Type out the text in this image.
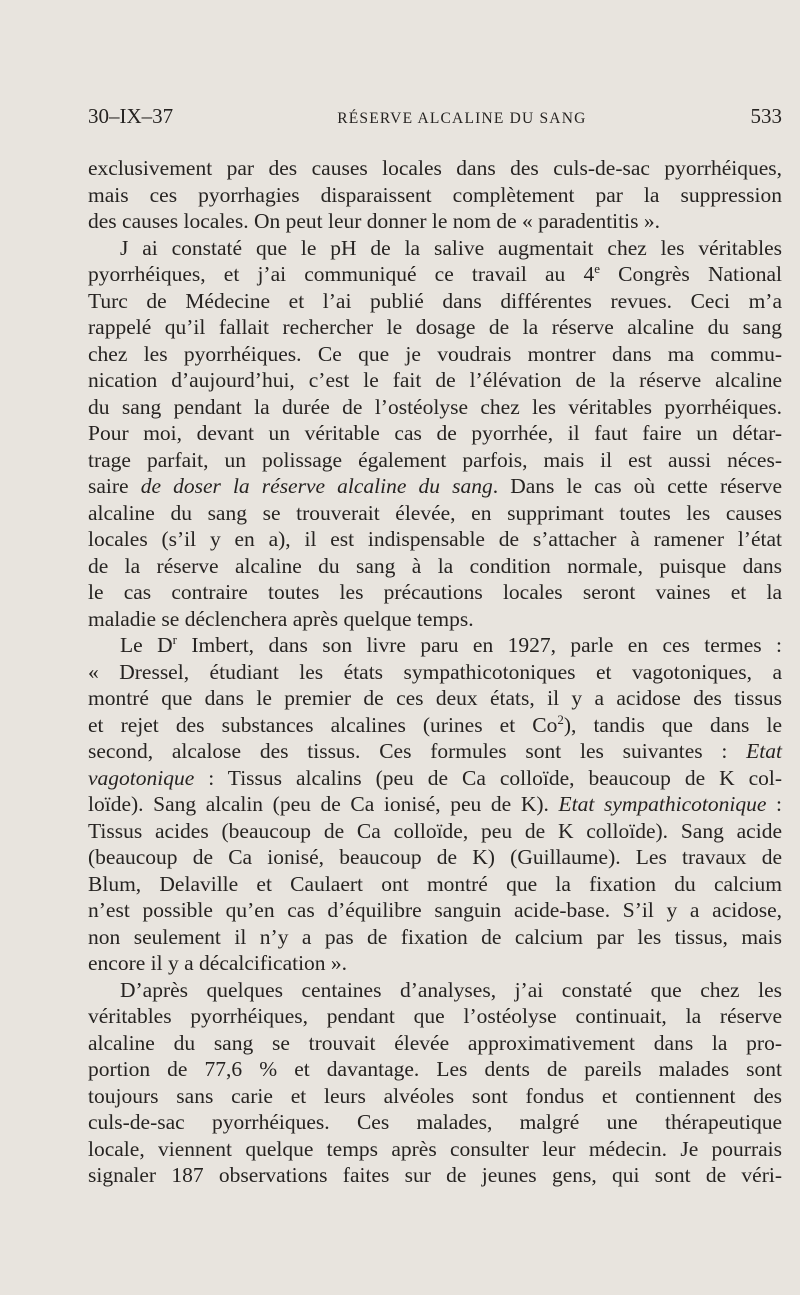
30–IX–37	RÉSERVE ALCALINE DU SANG	533
exclusivement par des causes locales dans des culs-de-sac pyorrhéiques,
mais ces pyorrhagies disparaissent complètement par la suppression
des causes locales. On peut leur donner le nom de « paradentitis ».
J ai constaté que le pH de la salive augmentait chez les véritables
pyorrhéiques, et j’ai communiqué ce travail au 4e Congrès National
Turc de Médecine et l’ai publié dans différentes revues. Ceci m’a
rappelé qu’il fallait rechercher le dosage de la réserve alcaline du sang
chez les pyorrhéiques. Ce que je voudrais montrer dans ma commu-
nication d’aujourd’hui, c’est le fait de l’élévation de la réserve alcaline
du sang pendant la durée de l’ostéolyse chez les véritables pyorrhéiques.
Pour moi, devant un véritable cas de pyorrhée, il faut faire un détar-
trage parfait, un polissage également parfois, mais il est aussi néces-
saire de doser la réserve alcaline du sang. Dans le cas où cette réserve
alcaline du sang se trouverait élevée, en supprimant toutes les causes
locales (s’il y en a), il est indispensable de s’attacher à ramener l’état
de la réserve alcaline du sang à la condition normale, puisque dans
le cas contraire toutes les précautions locales seront vaines et la
maladie se déclenchera après quelque temps.
Le $D^r$ Imbert, dans son livre paru en 1927, parle en ces termes :
« Dressel, étudiant les états sympathicotoniques et vagotoniques, a
montré que dans le premier de ces deux états, il y a acidose des tissus
et rejet des substances alcalines (urines et Co$^2$), tandis que dans le
second, alcalose des tissus. Ces formules sont les suivantes : Etat
vagotonique : Tissus alcalins (peu de Ca colloïde, beaucoup de K col-
loïde). Sang alcalin (peu de Ca ionisé, peu de K). Etat sympathicotonique :
Tissus acides (beaucoup de Ca colloïde, peu de K colloïde). Sang acide
(beaucoup de Ca ionisé, beaucoup de K) (Guillaume). Les travaux de
Blum, Delaville et Caulaert ont montré que la fixation du calcium
n’est possible qu’en cas d’équilibre sanguin acide-base. S’il y a acidose,
non seulement il n’y a pas de fixation de calcium par les tissus, mais
encore il y a décalcification ».
D’après quelques centaines d’analyses, j’ai constaté que chez les
véritables pyorrhéiques, pendant que l’ostéolyse continuait, la réserve
alcaline du sang se trouvait élevée approximativement dans la pro-
portion de 77,6 % et davantage. Les dents de pareils malades sont
toujours sans carie et leurs alvéoles sont fondus et contiennent des
culs-de-sac pyorrhéiques. Ces malades, malgré une thérapeutique
locale, viennent quelque temps après consulter leur médecin. Je pourrais
signaler 187 observations faites sur de jeunes gens, qui sont de véri-
